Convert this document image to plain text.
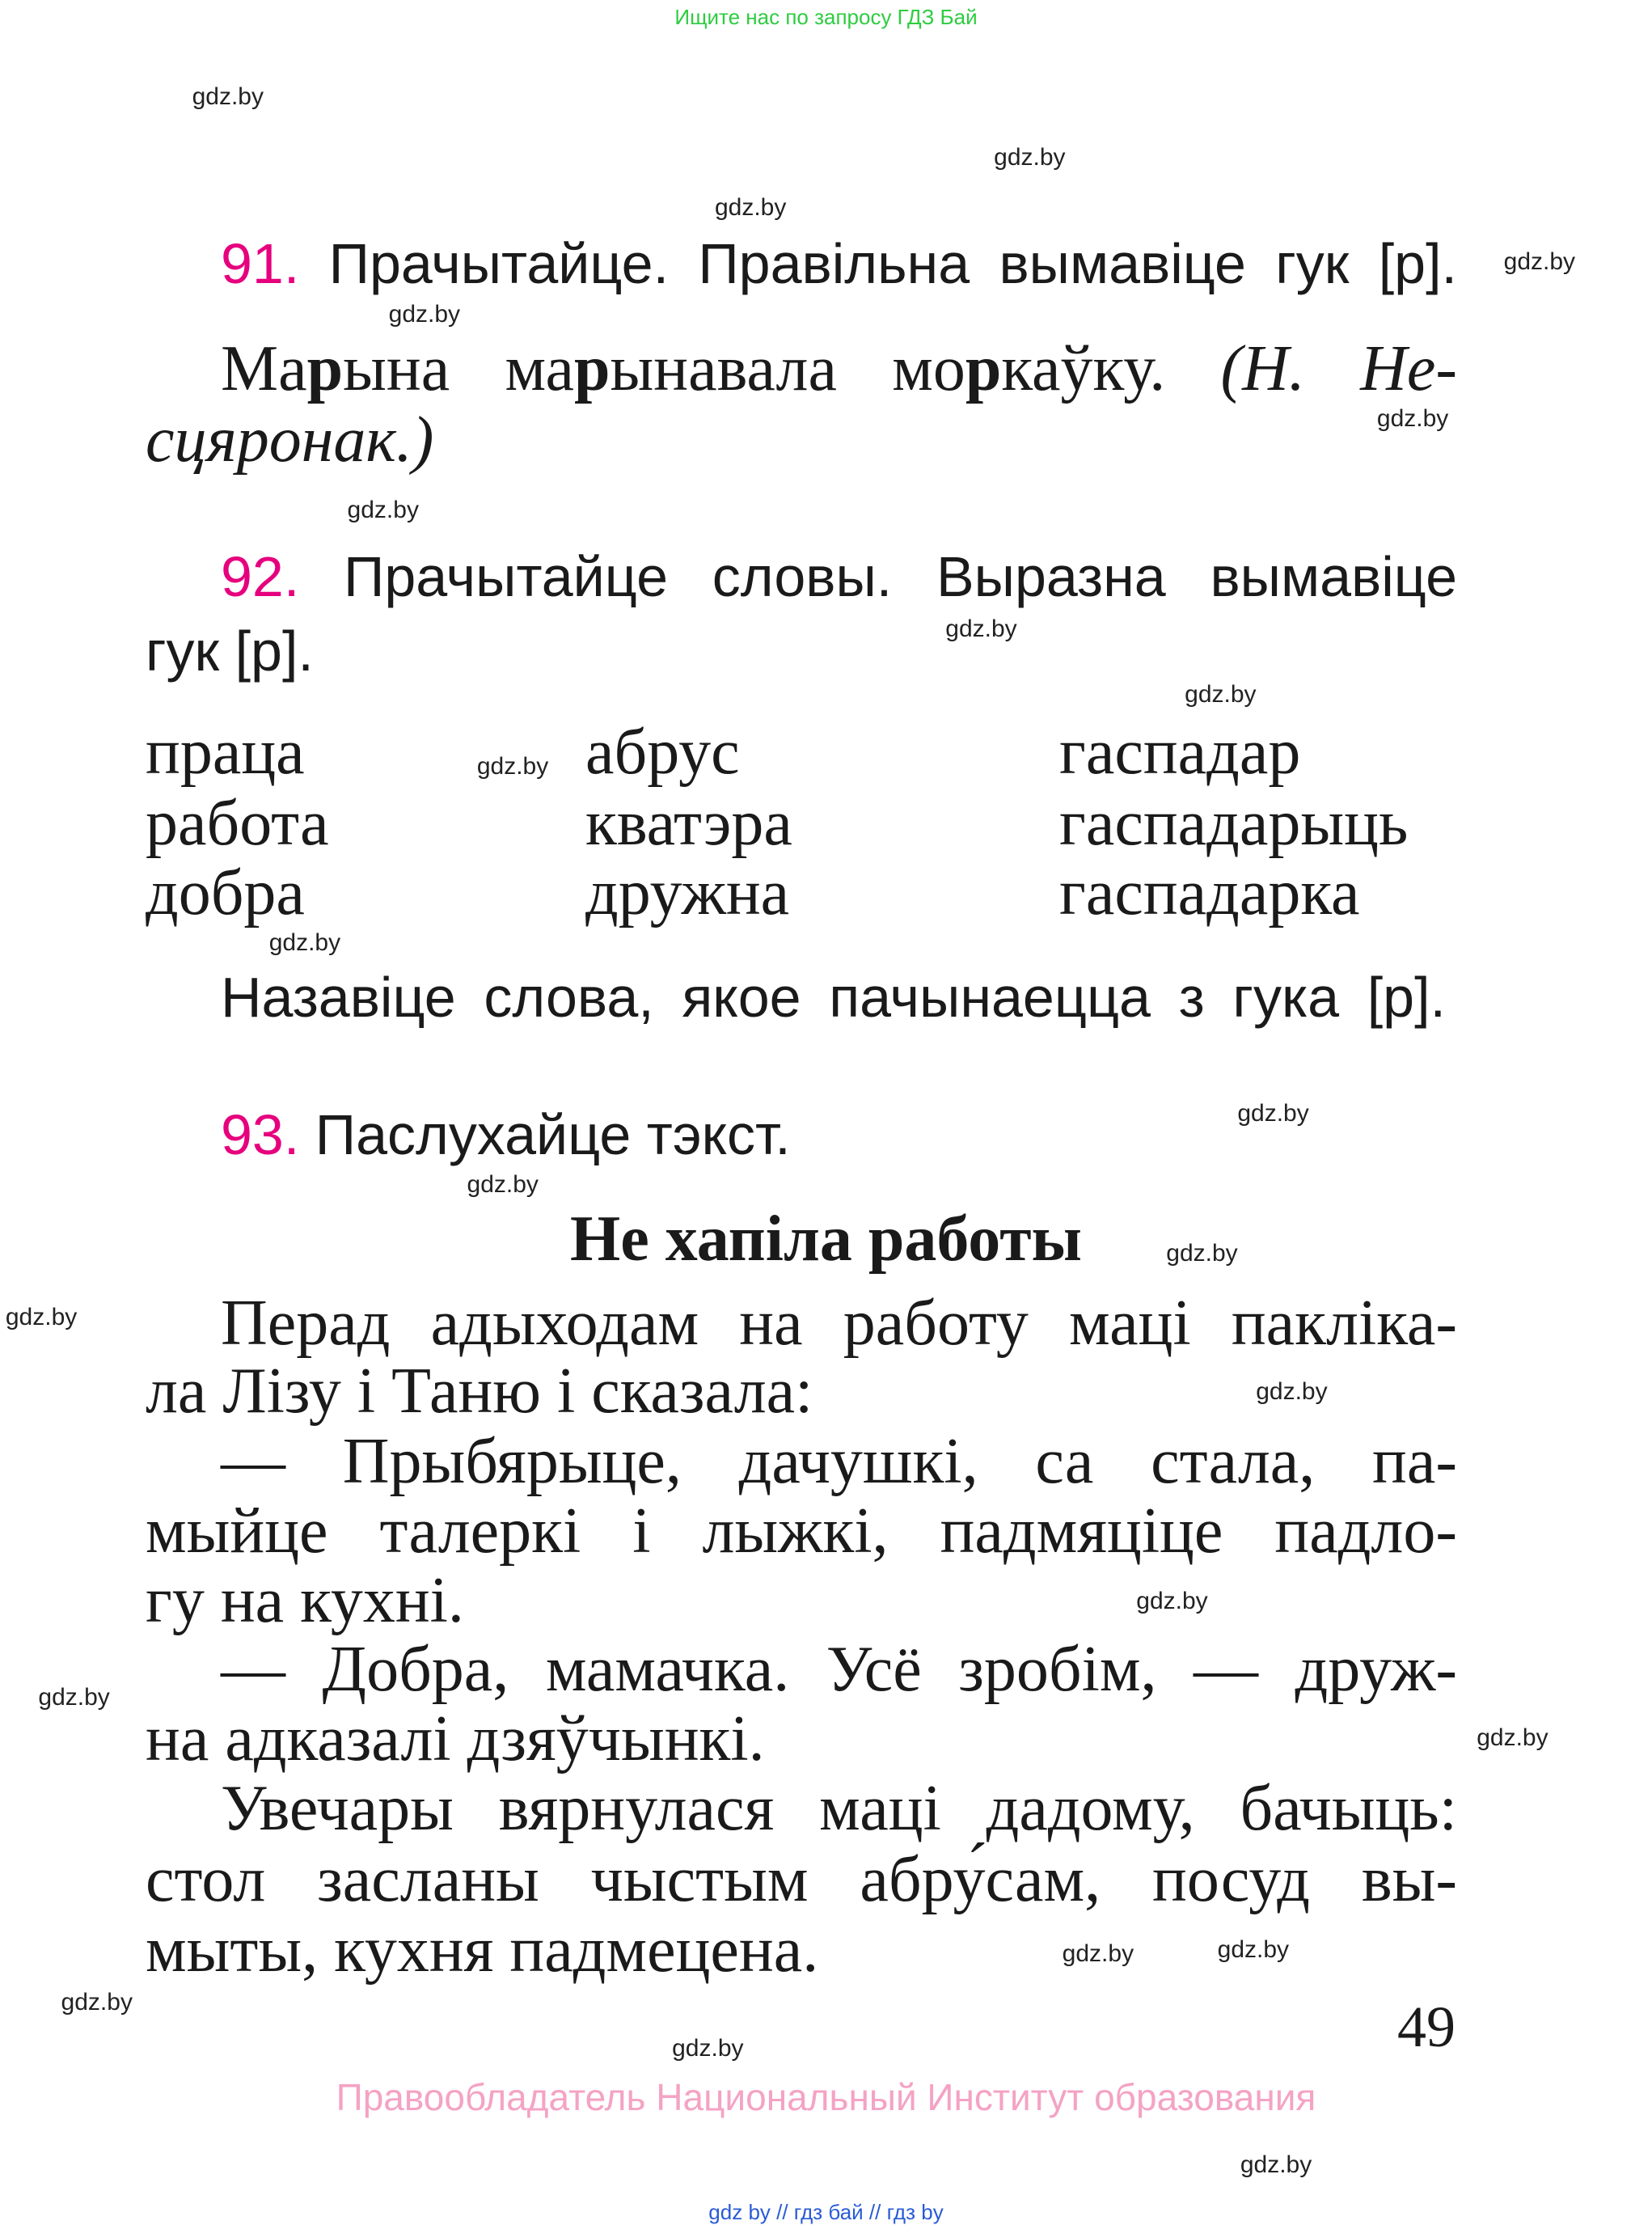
Ищите нас по запросу ГДЗ Бай
gdz.by
gdz.by
gdz.by
gdz.by
gdz.by
gdz.by
gdz.by
gdz.by
gdz.by
gdz.by
gdz.by
gdz.by
gdz.by
gdz.by
gdz.by
gdz.by
gdz.by
gdz.by
gdz.by
gdz.by
gdz.by
gdz.by
gdz.by
gdz.by
91. Прачытайце. Правільна вымавіце гук [р].
Марына марынавала моркаўку. (Н. Не-
сцяронак.)
92. Прачытайце словы. Выразна вымавіце
гук [р].
праца	абрус	гаспадар
работа	кватэра	гаспадарыць
добра	дружна	гаспадарка
Назавіце слова, якое пачынаецца з гука [р].
93. Паслухайце тэкст.
Не хапіла работы
Перад адыходам на работу маці пакліка-
ла Лізу і Таню і сказала:
— Прыбярыце, дачушкі, са стала, па-
мыйце талеркі і лыжкі, падмяціце падло-
гу на кухні.
— Добра, мамачка. Усё зробім, — друж-
на адказалі дзяўчынкі.
Увечары вярнулася маці дадому, бачыць:
стол засланы чыстым абру́сам, посуд вы-
мыты, кухня падмецена.
49
Правообладатель Национальный Институт образования
gdz by // гдз бай // гдз by
